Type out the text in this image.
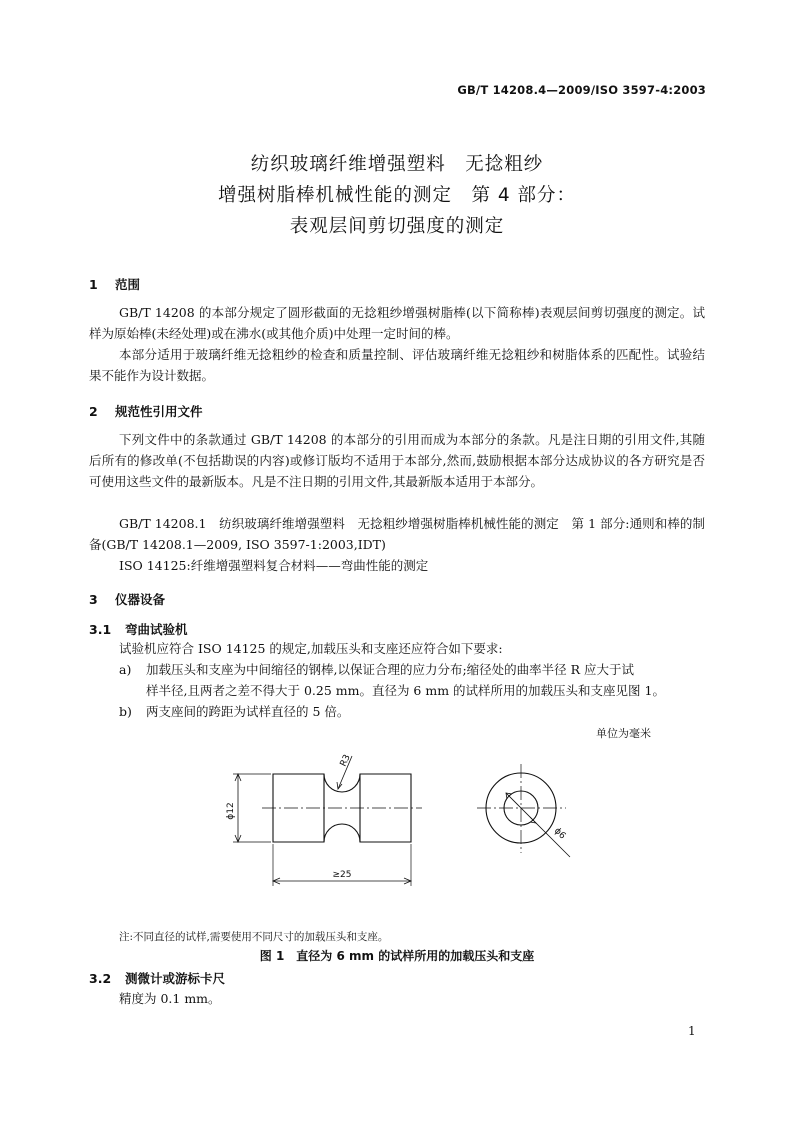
GB/T 14208.4—2009/ISO 3597-4:2003
纺织玻璃纤维增强塑料　无捻粗纱
增强树脂棒机械性能的测定　第 4 部分：
表观层间剪切强度的测定
1 范围

GB/T 14208 的本部分规定了圆形截面的无捻粗纱增强树脂棒(以下简称棒)表观层间剪切强度的测定。试样为原始棒(未经处理)或在沸水(或其他介质)中处理一定时间的棒。

本部分适用于玻璃纤维无捻粗纱的检查和质量控制、评估玻璃纤维无捻粗纱和树脂体系的匹配性。试验结果不能作为设计数据。

2 规范性引用文件

下列文件中的条款通过 GB/T 14208 的本部分的引用而成为本部分的条款。凡是注日期的引用文件,其随后所有的修改单(不包括勘误的内容)或修订版均不适用于本部分,然而,鼓励根据本部分达成协议的各方研究是否可使用这些文件的最新版本。凡是不注日期的引用文件,其最新版本适用于本部分。

GB/T 14208.1　纺织玻璃纤维增强塑料　无捻粗纱增强树脂棒机械性能的测定　第 1 部分:通则和棒的制备(GB/T 14208.1—2009, ISO 3597-1:2003,IDT)

ISO 14125:纤维增强塑料复合材料——弯曲性能的测定

3 仪器设备
3.1 弯曲试验机

试验机应符合 ISO 14125 的规定,加载压头和支座还应符合如下要求:

a) 加载压头和支座为中间缩径的钢棒,以保证合理的应力分布;缩径处的曲率半径 R 应大于试

样半径,且两者之差不得大于 0.25 mm。直径为 6 mm 的试样所用的加载压头和支座见图 1。

b) 两支座间的跨距为试样直径的 5 倍。

单位为毫米
R3
ϕ12
≥25
ϕ6
注:不同直径的试样,需要使用不同尺寸的加载压头和支座。
图 1　直径为 6 mm 的试样所用的加载压头和支座
3.2 测微计或游标卡尺

精度为 0.1 mm。

1
